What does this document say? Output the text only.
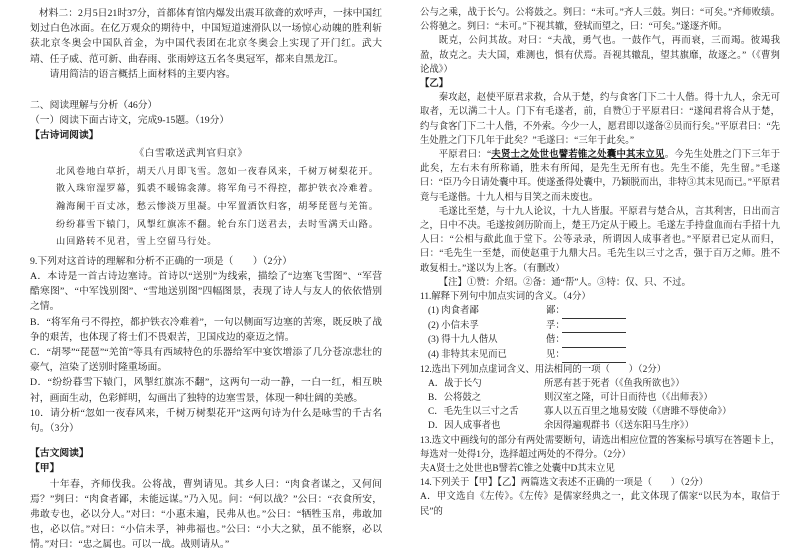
材料二：2月5日21时37分，首都体育馆内爆发出震耳欲聋的欢呼声，一抹中国红划过白色冰面。在亿万观众的期待中，中国短道速滑队以一场惊心动魄的胜利斩获北京冬奥会中国队首金，为中国代表团在北京冬奥会上实现了开门红。武大靖、任子威、范可新、曲春雨、张雨婷这五名冬奥冠军，都来自黑龙江。

请用简洁的语言概括上面材料的主要内容。

二、阅读理解与分析（46分）

（一）阅读下面古诗文，完成9-15题。（19分）

【古诗词阅读】

《白雪歌送武判官归京》

北风卷地白草折，胡天八月即飞雪。忽如一夜春风来，千树万树梨花开。

散入珠帘湿罗幕，狐裘不暖锦衾薄。将军角弓不得控，都护铁衣冷难着。

瀚海阑干百丈冰，愁云惨淡万里凝。中军置酒饮归客，胡琴琵琶与羌笛。

纷纷暮雪下辕门，风掣红旗冻不翻。轮台东门送君去，去时雪满天山路。

山回路转不见君，雪上空留马行处。

9.下列对这首诗的理解和分析不正确的一项是（　　）（2分）

A．本诗是一首古诗边塞诗。首诗以“送别”为线索，描绘了“边塞飞雪图”、“军营酷寒图”、“中军饯别图”、“雪地送别图”四幅图景，表现了诗人与友人的依依惜别之情。

B．“将军角弓不得控，都护铁衣冷难着”，一句以侧面写边塞的苦寒，既反映了战争的艰苦，也体现了将士们不畏艰苦，卫国戍边的豪迈之情。

C．“胡琴”“琵琶”“羌笛”等具有西域特色的乐器给军中宴饮增添了几分苍凉悲壮的豪气，渲染了送别时隆重场面。

D．“纷纷暮雪下辕门，风掣红旗冻不翻”，这两句一动一静，一白一红，相互映衬，画面生动，色彩鲜明，勾画出了独特的边塞雪景，体现一种壮阔的美感。

10．请分析“忽如一夜春风来，千树万树梨花开”这两句诗为什么是咏雪的千古名句。（3分）

【古文阅读】

【甲】

十年春，齐师伐我。公将战，曹刿请见。其乡人曰：“肉食者谋之，又何间焉？”刿曰：“肉食者鄙，未能远谋。”乃入见。问：“何以战？”公曰：“衣食所安，弗敢专也，必以分人。”对曰：“小惠未遍，民弗从也。”公曰：“牺牲玉帛，弗敢加也，必以信。”对曰：“小信未孚，神弗福也。”公曰：“小大之狱，虽不能察，必以情。”对曰：“忠之属也。可以一战。战则请从。”

公与之乘，战于长勺。公将鼓之。刿曰：“未可。”齐人三鼓。刿曰：“可矣。”齐师败绩。公将驰之。刿曰：“未可。”下视其辙，登轼而望之，曰：“可矣。”遂逐齐师。

既克，公问其故。对曰：“夫战，勇气也。一鼓作气，再而衰，三而竭。彼竭我盈，故克之。夫大国，难测也，惧有伏焉。吾视其辙乱，望其旗靡，故逐之。”（《曹刿论战》）

【乙】

秦攻赵，赵使平原君求救，合从于楚，约与食客门下二十人偕。得十九人，余无可取者，无以满二十人。门下有毛遂者，前，自赞①于平原君曰：“遂闻君将合从于楚，约与食客门下二十人偕，不外索。今少一人，愿君即以遂备②员而行矣。”平原君曰：“先生处胜之门下几年于此矣？”毛遂曰：“三年于此矣。”

平原君曰：“夫贤士之处世也譬若锥之处囊中其末立见。今先生处胜之门下三年于此矣，左右未有所称诵，胜未有所闻，是先生无所有也。先生不能，先生留。”毛遂曰：“臣乃今日请处囊中耳。使遂蚤得处囊中，乃颖脱而出，非特③其末见而已。”平原君竟与毛遂偕。十九人相与目笑之而未废也。

毛遂比至楚，与十九人论议，十九人皆服。平原君与楚合从，言其利害，日出而言之，日中不决。毛遂按剑历阶而上，楚王乃定从于殿上。毛遂左手持盘血而右手招十九人曰：“公相与歃此血于堂下。公等录录，所谓因人成事者也。”平原君已定从而归，曰：“毛先生一至楚，而使赵重于九鼎大吕。毛先生以三寸之舌，强于百万之师。胜不敢复相士。”遂以为上客。（有删改）

【注】①赞：介绍。②备：通“帮”人。③特：仅、只、不过。

11.解释下列句中加点实词的含义。（4分）

(1) 肉食者鄙	鄙：
(2) 小信未孚	孚：
(3) 得十九人偕从	偕：
(4) 非特其末见而已	见：

12.选出下列加点虚词含义、用法相同的一项（　　）（2分）

A．战于长勺	所恶有甚于死者（《鱼我所欲也》）
B．公将鼓之	则汉室之隆，可计日而待也（《出师表》）
C．毛先生以三寸之舌	寡人以五百里之地易安陵（《唐雎不辱使命》）
D．因人成事者也	余因得遍观群书（《送东阳马生序》）

13.选文中画线句的部分有两处需要断句，请选出相应位置的答案标号填写在答题卡上，每选对一处得1分，选择超过两处的不得分。（2分）

夫A贤士之处世也B譬若C锥之处囊中D其末立见

14.下列关于【甲】【乙】两篇选文表述不正确的一项是（　　）（2分）

A．甲文选自《左传》。《左传》是儒家经典之一，此文体现了儒家“以民为本，取信于民”的
